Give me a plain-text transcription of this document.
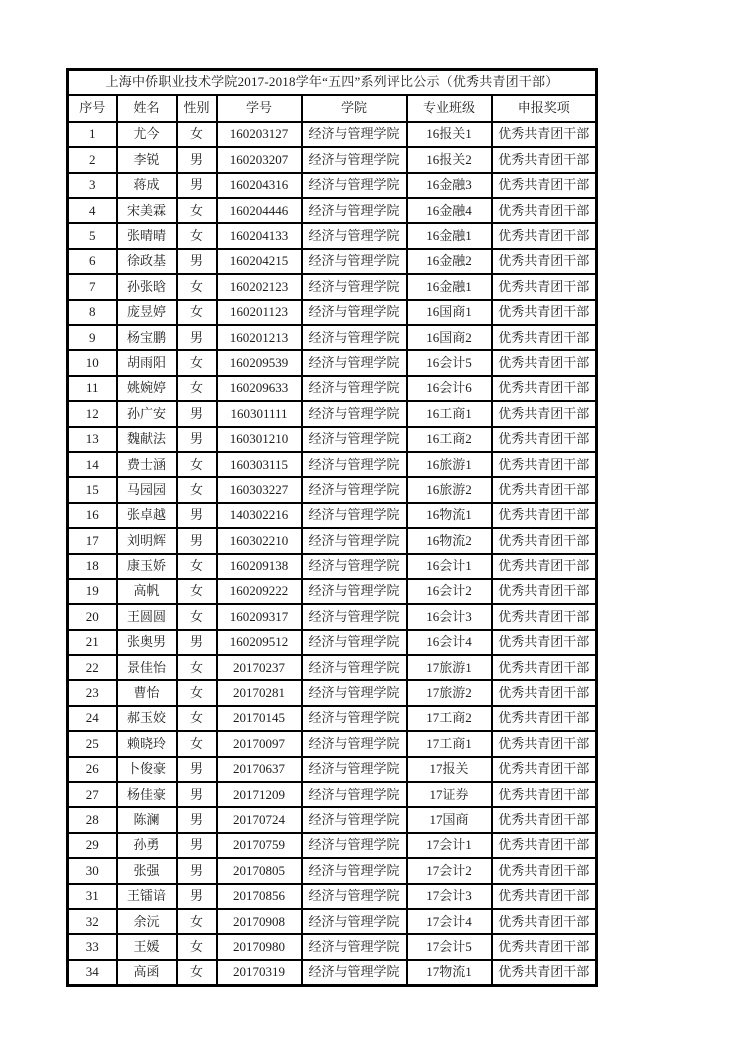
上海中侨职业技术学院2017-2018学年“五四”系列评比公示（优秀共青团干部）						
序号	姓名	性别	学号	学院	专业班级	申报奖项
1	尤今	女	160203127	经济与管理学院	16报关1	优秀共青团干部
2	李锐	男	160203207	经济与管理学院	16报关2	优秀共青团干部
3	蒋成	男	160204316	经济与管理学院	16金融3	优秀共青团干部
4	宋美霖	女	160204446	经济与管理学院	16金融4	优秀共青团干部
5	张晴晴	女	160204133	经济与管理学院	16金融1	优秀共青团干部
6	徐政基	男	160204215	经济与管理学院	16金融2	优秀共青团干部
7	孙张晗	女	160202123	经济与管理学院	16金融1	优秀共青团干部
8	庞昱婷	女	160201123	经济与管理学院	16国商1	优秀共青团干部
9	杨宝鹏	男	160201213	经济与管理学院	16国商2	优秀共青团干部
10	胡雨阳	女	160209539	经济与管理学院	16会计5	优秀共青团干部
11	姚婉婷	女	160209633	经济与管理学院	16会计6	优秀共青团干部
12	孙广安	男	160301111	经济与管理学院	16工商1	优秀共青团干部
13	魏献法	男	160301210	经济与管理学院	16工商2	优秀共青团干部
14	费士涵	女	160303115	经济与管理学院	16旅游1	优秀共青团干部
15	马园园	女	160303227	经济与管理学院	16旅游2	优秀共青团干部
16	张卓越	男	140302216	经济与管理学院	16物流1	优秀共青团干部
17	刘明辉	男	160302210	经济与管理学院	16物流2	优秀共青团干部
18	康玉娇	女	160209138	经济与管理学院	16会计1	优秀共青团干部
19	高帆	女	160209222	经济与管理学院	16会计2	优秀共青团干部
20	王圆圆	女	160209317	经济与管理学院	16会计3	优秀共青团干部
21	张奥男	男	160209512	经济与管理学院	16会计4	优秀共青团干部
22	景佳怡	女	20170237	经济与管理学院	17旅游1	优秀共青团干部
23	曹怡	女	20170281	经济与管理学院	17旅游2	优秀共青团干部
24	郝玉姣	女	20170145	经济与管理学院	17工商2	优秀共青团干部
25	赖晓玲	女	20170097	经济与管理学院	17工商1	优秀共青团干部
26	卜俊豪	男	20170637	经济与管理学院	17报关	优秀共青团干部
27	杨佳豪	男	20171209	经济与管理学院	17证券	优秀共青团干部
28	陈澜	男	20170724	经济与管理学院	17国商	优秀共青团干部
29	孙勇	男	20170759	经济与管理学院	17会计1	优秀共青团干部
30	张强	男	20170805	经济与管理学院	17会计2	优秀共青团干部
31	王镭谙	男	20170856	经济与管理学院	17会计3	优秀共青团干部
32	余沅	女	20170908	经济与管理学院	17会计4	优秀共青团干部
33	王媛	女	20170980	经济与管理学院	17会计5	优秀共青团干部
34	高函	女	20170319	经济与管理学院	17物流1	优秀共青团干部
